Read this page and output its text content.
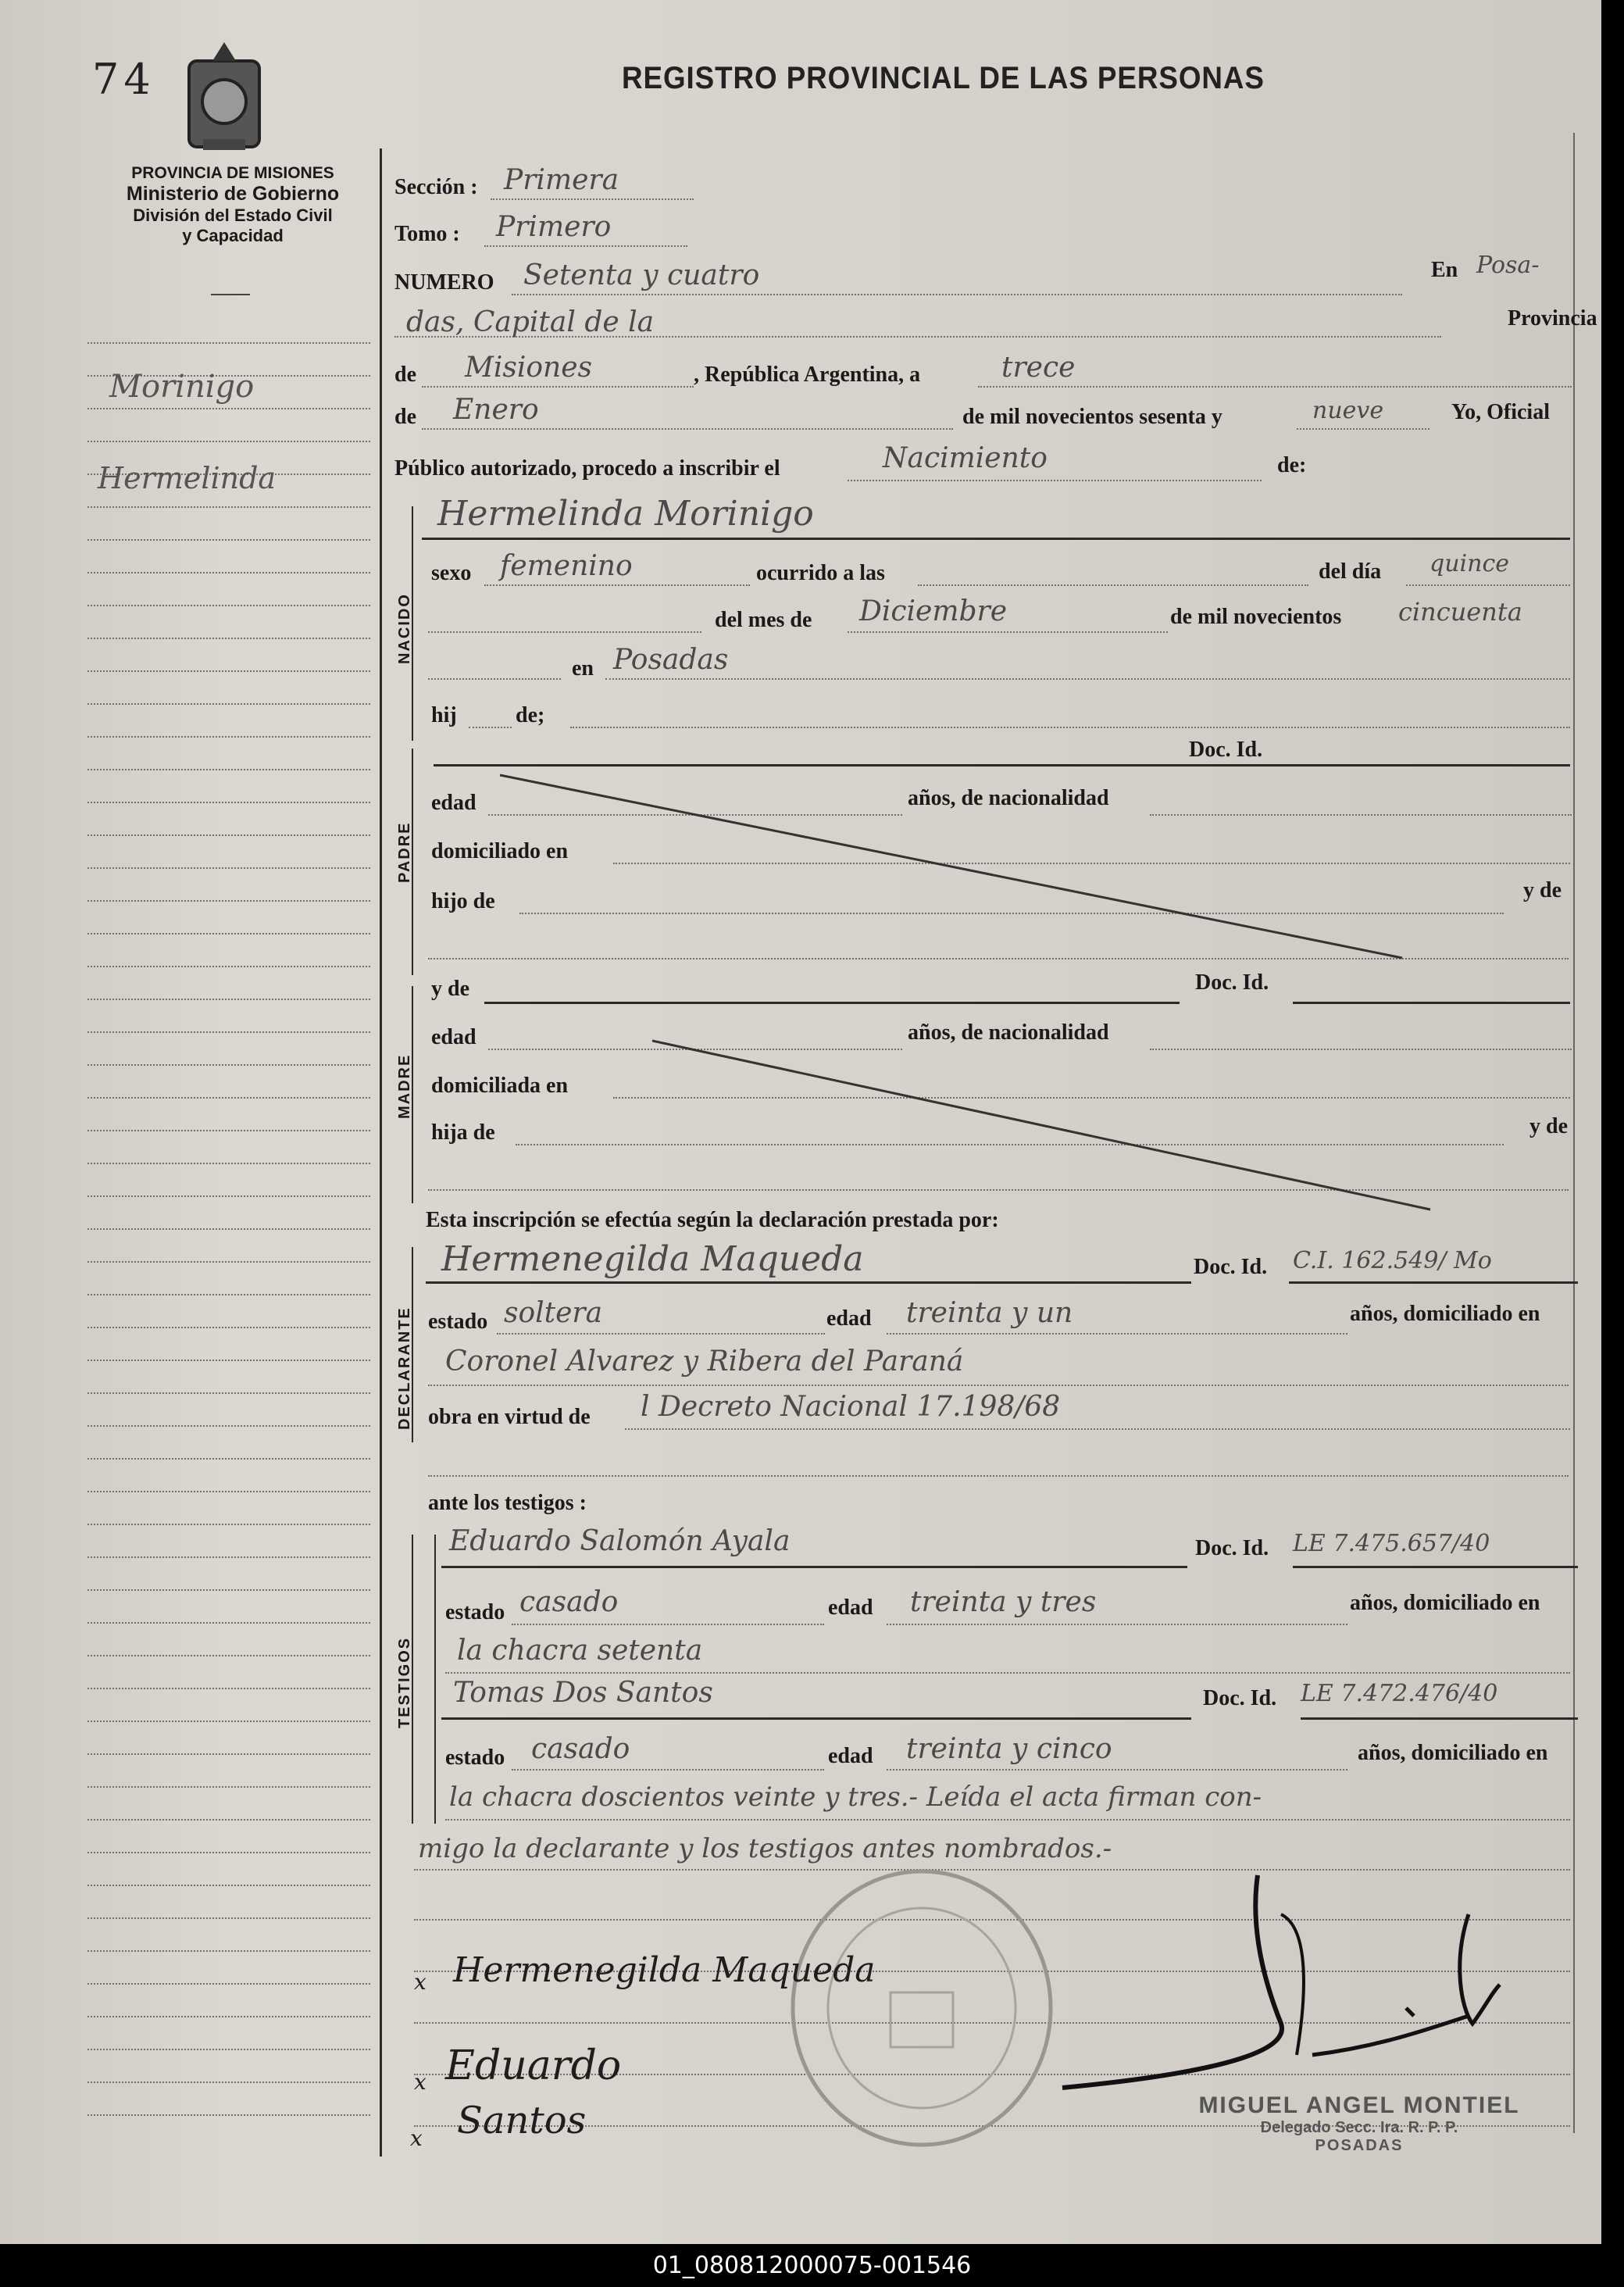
74	REGISTRO PROVINCIAL DE LAS PERSONAS
PROVINCIA DE MISIONES
Ministerio de Gobierno
División del Estado Civil
y Capacidad
Morinigo
Hermelinda
Sección : Primera
Tomo : Primero
NUMERO Setenta y cuatro	En Posa-
das, Capital de la	Provincia
de Misiones	, República Argentina, a	trece
de Enero	de mil novecientos sesenta y	nueve	Yo, Oficial
Público autorizado, procedo a inscribir el	Nacimiento	de:
NACIDO
Hermelinda Morinigo
sexo femenino	ocurrido a las	del día quince
del mes de Diciembre	de mil novecientos cincuenta
en Posadas
hij	de;
PADRE
Doc. Id.
edad	años, de nacionalidad
domiciliado en
hijo de	y de
MADRE
y de	Doc. Id.
edad	años, de nacionalidad
domiciliada en
hija de	y de
Esta inscripción se efectúa según la declaración prestada por:
DECLARANTE
Hermenegilda Maqueda	Doc. Id. C.I. 162.549/ Mo
estado soltera	edad treinta y un	años, domiciliado en
Coronel Alvarez y Ribera del Paraná
obra en virtud de l Decreto Nacional 17.198/68
ante los testigos :
TESTIGOS
Eduardo Salomón Ayala	Doc. Id. LE 7.475.657/40
estado casado	edad treinta y tres	años, domiciliado en
la chacra setenta
Tomas Dos Santos	Doc. Id. LE 7.472.476/40
estado casado	edad treinta y cinco	años, domiciliado en
la chacra doscientos veinte y tres.- Leída el acta firman con-
migo la declarante y los testigos antes nombrados.-
x Hermenegilda Maqueda
x Eduardo
x Santos	MIGUEL ANGEL MONTIEL
Delegado Secc. Ira. R. P. P.
POSADAS
01_080812000075-001546
